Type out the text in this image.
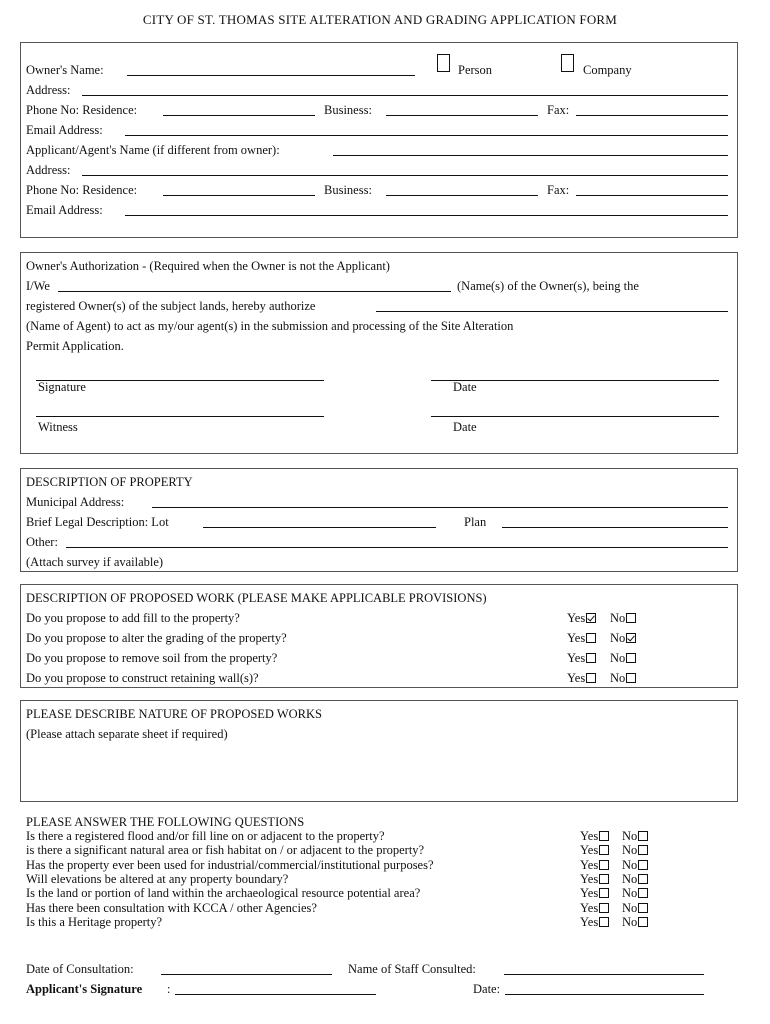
CITY OF ST. THOMAS SITE ALTERATION AND GRADING APPLICATION FORM
Owner's Name:	Person	Company
Address:
Phone No: Residence:	Business:	Fax:
Email Address:
Applicant/Agent's Name (if different from owner):
Address:
Phone No: Residence:	Business:	Fax:
Email Address:
Owner's Authorization - (Required when the Owner is not the Applicant)
I/We	(Name(s) of the Owner(s), being the
registered Owner(s) of the subject lands, hereby authorize
(Name of Agent) to act as my/our agent(s) in the submission and processing of the Site Alteration
Permit Application.
Signature	Date
Witness	Date
DESCRIPTION OF PROPERTY
Municipal Address:
Brief Legal Description: Lot	Plan
Other:
(Attach survey if available)
DESCRIPTION OF PROPOSED WORK (PLEASE MAKE APPLICABLE PROVISIONS)
Do you propose to add fill to the property?	Yes	No
Do you propose to alter the grading of the property?	Yes	No
Do you propose to remove soil from the property?	Yes	No
Do you propose to construct retaining wall(s)?	Yes	No
PLEASE DESCRIBE NATURE OF PROPOSED WORKS
(Please attach separate sheet if required)
PLEASE ANSWER THE FOLLOWING QUESTIONS
Is there a registered flood and/or fill line on or adjacent to the property?	Yes	No
is there a significant natural area or fish habitat on / or adjacent to the property?	Yes	No
Has the property ever been used for industrial/commercial/institutional purposes?	Yes	No
Will elevations be altered at any property boundary?	Yes	No
Is the land or portion of land within the archaeological resource potential area?	Yes	No
Has there been consultation with KCCA / other Agencies?	Yes	No
Is this a Heritage property?	Yes	No
Date of Consultation:	Name of Staff Consulted:
Applicant's Signature :	Date:
